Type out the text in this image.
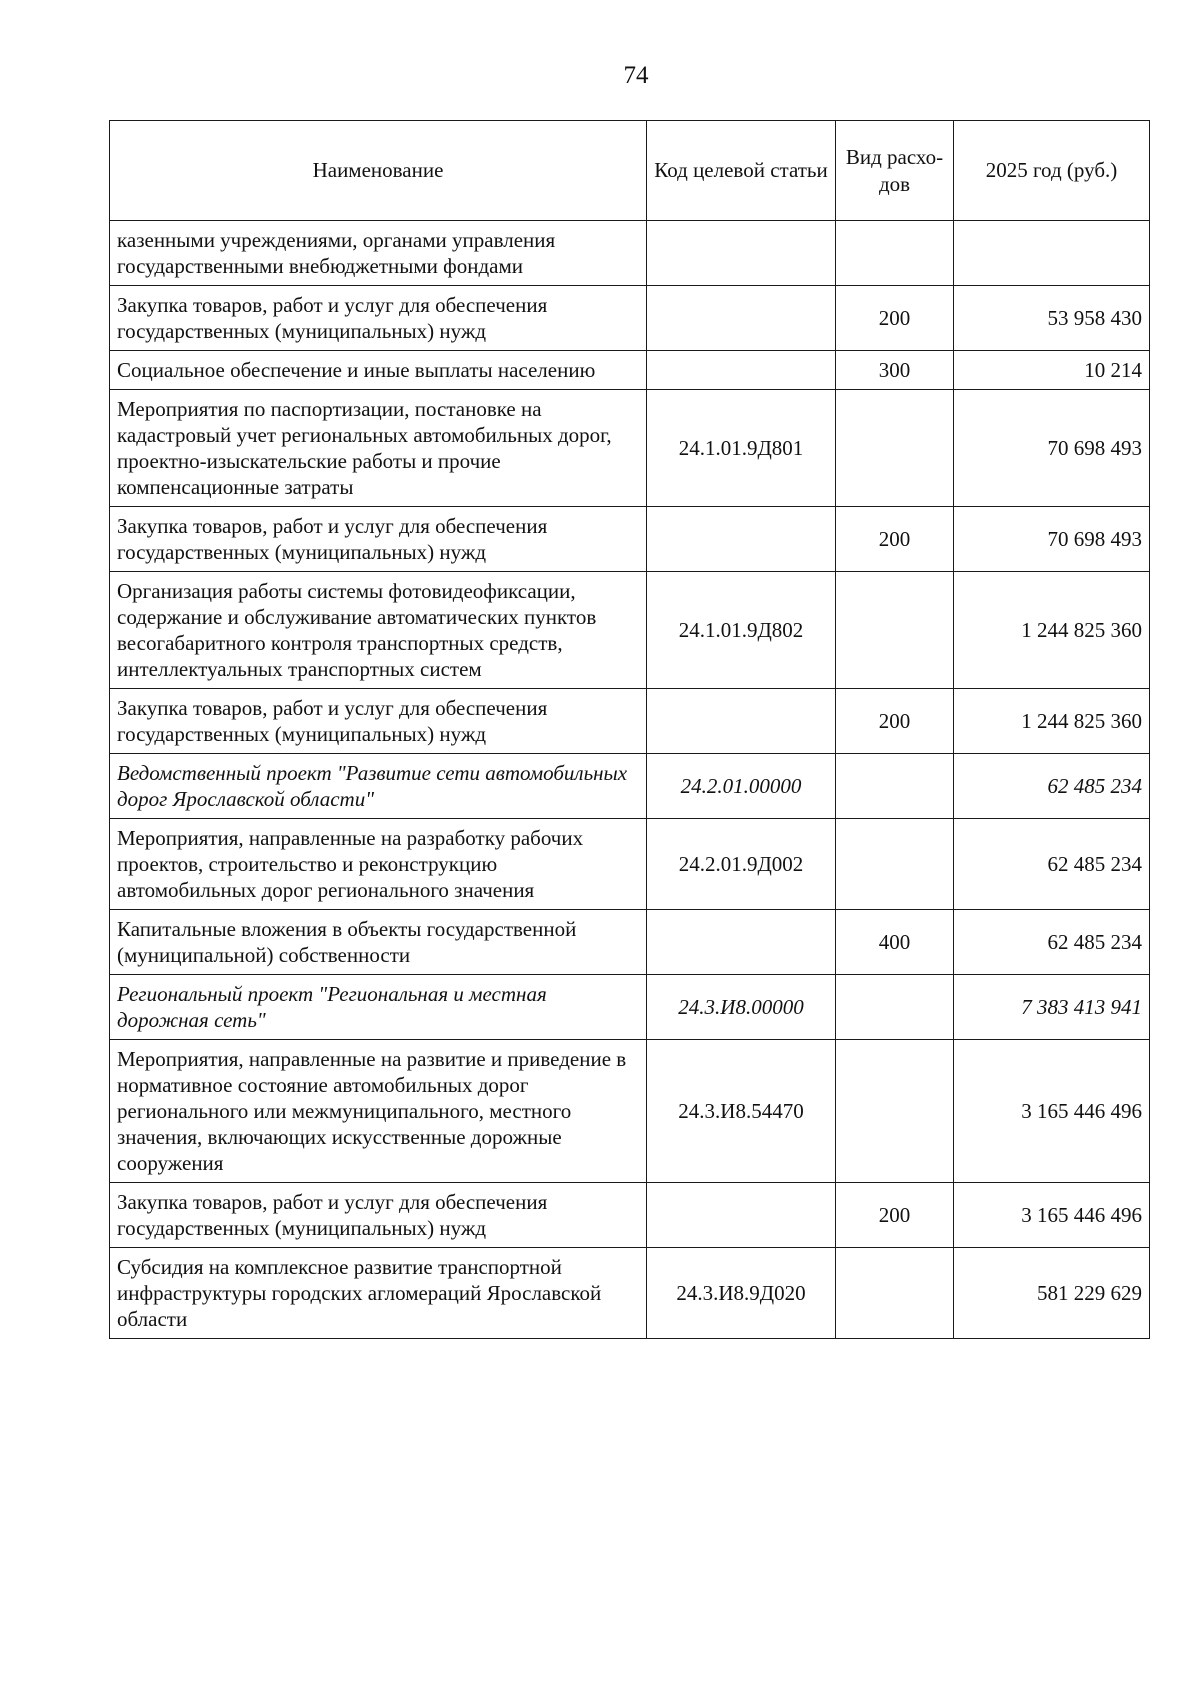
74
Наименование	Код целевой статьи	Вид расхо-дов	2025 год (руб.)
казенными учреждениями, органами управления государственными внебюджетными фондами			
Закупка товаров, работ и услуг для обеспечения государственных (муниципальных) нужд		200	53 958 430
Социальное обеспечение и иные выплаты населению		300	10 214
Мероприятия по паспортизации, постановке на кадастровый учет региональных автомобильных дорог, проектно-изыскательские работы и прочие компенсационные затраты	24.1.01.9Д801		70 698 493
Закупка товаров, работ и услуг для обеспечения государственных (муниципальных) нужд		200	70 698 493
Организация работы системы фотовидеофиксации, содержание и обслуживание автоматических пунктов весогабаритного контроля транспортных средств, интеллектуальных транспортных систем	24.1.01.9Д802		1 244 825 360
Закупка товаров, работ и услуг для обеспечения государственных (муниципальных) нужд		200	1 244 825 360
Ведомственный проект "Развитие сети автомобильных дорог Ярославской области"	24.2.01.00000		62 485 234
Мероприятия, направленные на разработку рабочих проектов, строительство и реконструкцию автомобильных дорог регионального значения	24.2.01.9Д002		62 485 234
Капитальные вложения в объекты государственной (муниципальной) собственности		400	62 485 234
Региональный проект "Региональная и местная дорожная сеть"	24.3.И8.00000		7 383 413 941
Мероприятия, направленные на развитие и приведение в нормативное состояние автомобильных дорог регионального или межмуниципального, местного значения, включающих искусственные дорожные сооружения	24.3.И8.54470		3 165 446 496
Закупка товаров, работ и услуг для обеспечения государственных (муниципальных) нужд		200	3 165 446 496
Субсидия на комплексное развитие транспортной инфраструктуры городских агломераций Ярославской области	24.3.И8.9Д020		581 229 629
